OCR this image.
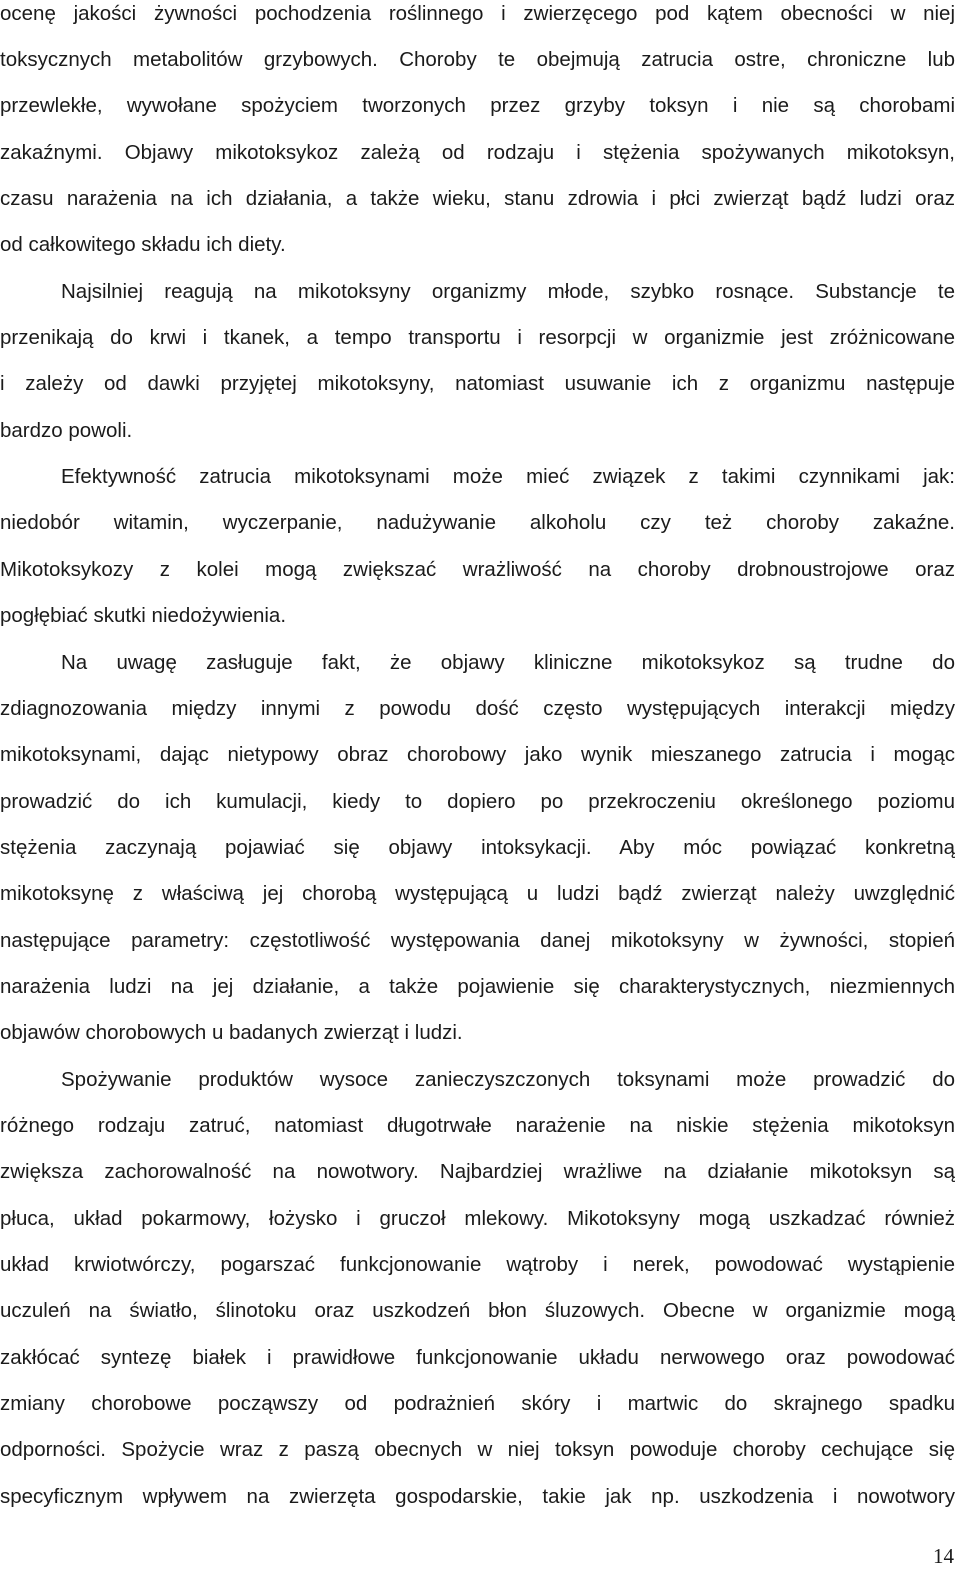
ocenę jakości żywności pochodzenia roślinnego i zwierzęcego pod kątem obecności w niej
toksycznych metabolitów grzybowych. Choroby te obejmują zatrucia ostre, chroniczne lub
przewlekłe, wywołane spożyciem tworzonych przez grzyby toksyn i nie są chorobami
zakaźnymi. Objawy mikotoksykoz zależą od rodzaju i stężenia spożywanych mikotoksyn,
czasu narażenia na ich działania, a także wieku, stanu zdrowia i płci zwierząt bądź ludzi oraz
od całkowitego składu ich diety.
Najsilniej reagują na mikotoksyny organizmy młode, szybko rosnące. Substancje te
przenikają do krwi i tkanek, a tempo transportu i resorpcji w organizmie jest zróżnicowane
i zależy od dawki przyjętej mikotoksyny, natomiast usuwanie ich z organizmu następuje
bardzo powoli.
Efektywność zatrucia mikotoksynami może mieć związek z takimi czynnikami jak:
niedobór witamin, wyczerpanie, nadużywanie alkoholu czy też choroby zakaźne.
Mikotoksykozy z kolei mogą zwiększać wrażliwość na choroby drobnoustrojowe oraz
pogłębiać skutki niedożywienia.
Na uwagę zasługuje fakt, że objawy kliniczne mikotoksykoz są trudne do
zdiagnozowania między innymi z powodu dość często występujących interakcji między
mikotoksynami, dając nietypowy obraz chorobowy jako wynik mieszanego zatrucia i mogąc
prowadzić do ich kumulacji, kiedy to dopiero po przekroczeniu określonego poziomu
stężenia zaczynają pojawiać się objawy intoksykacji. Aby móc powiązać konkretną
mikotoksynę z właściwą jej chorobą występującą u ludzi bądź zwierząt należy uwzględnić
następujące parametry: częstotliwość występowania danej mikotoksyny w żywności, stopień
narażenia ludzi na jej działanie, a także pojawienie się charakterystycznych, niezmiennych
objawów chorobowych u badanych zwierząt i ludzi.
Spożywanie produktów wysoce zanieczyszczonych toksynami może prowadzić do
różnego rodzaju zatruć, natomiast długotrwałe narażenie na niskie stężenia mikotoksyn
zwiększa zachorowalność na nowotwory. Najbardziej wrażliwe na działanie mikotoksyn są
płuca, układ pokarmowy, łożysko i gruczoł mlekowy. Mikotoksyny mogą uszkadzać również
układ krwiotwórczy, pogarszać funkcjonowanie wątroby i nerek, powodować wystąpienie
uczuleń na światło, ślinotoku oraz uszkodzeń błon śluzowych. Obecne w organizmie mogą
zakłócać syntezę białek i prawidłowe funkcjonowanie układu nerwowego oraz powodować
zmiany chorobowe począwszy od podrażnień skóry i martwic do skrajnego spadku
odporności. Spożycie wraz z paszą obecnych w niej toksyn powoduje choroby cechujące się
specyficznym wpływem na zwierzęta gospodarskie, takie jak np. uszkodzenia i nowotwory
14
